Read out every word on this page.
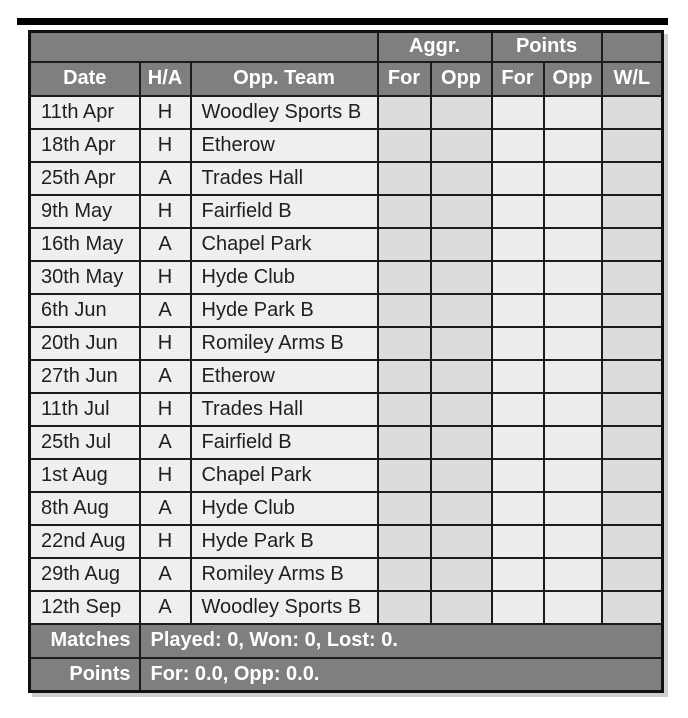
			Aggr.		Points		
Date	H/A	Opp. Team	For	Opp	For	Opp	W/L
11th Apr	H	Woodley Sports B					
18th Apr	H	Etherow					
25th Apr	A	Trades Hall					
9th May	H	Fairfield B					
16th May	A	Chapel Park					
30th May	H	Hyde Club					
6th Jun	A	Hyde Park B					
20th Jun	H	Romiley Arms B					
27th Jun	A	Etherow					
11th Jul	H	Trades Hall					
25th Jul	A	Fairfield B					
1st Aug	H	Chapel Park					
8th Aug	A	Hyde Club					
22nd Aug	H	Hyde Park B					
29th Aug	A	Romiley Arms B					
12th Sep	A	Woodley Sports B					
Matches	Played: 0, Won: 0, Lost: 0.						
Points	For: 0.0, Opp: 0.0.						
